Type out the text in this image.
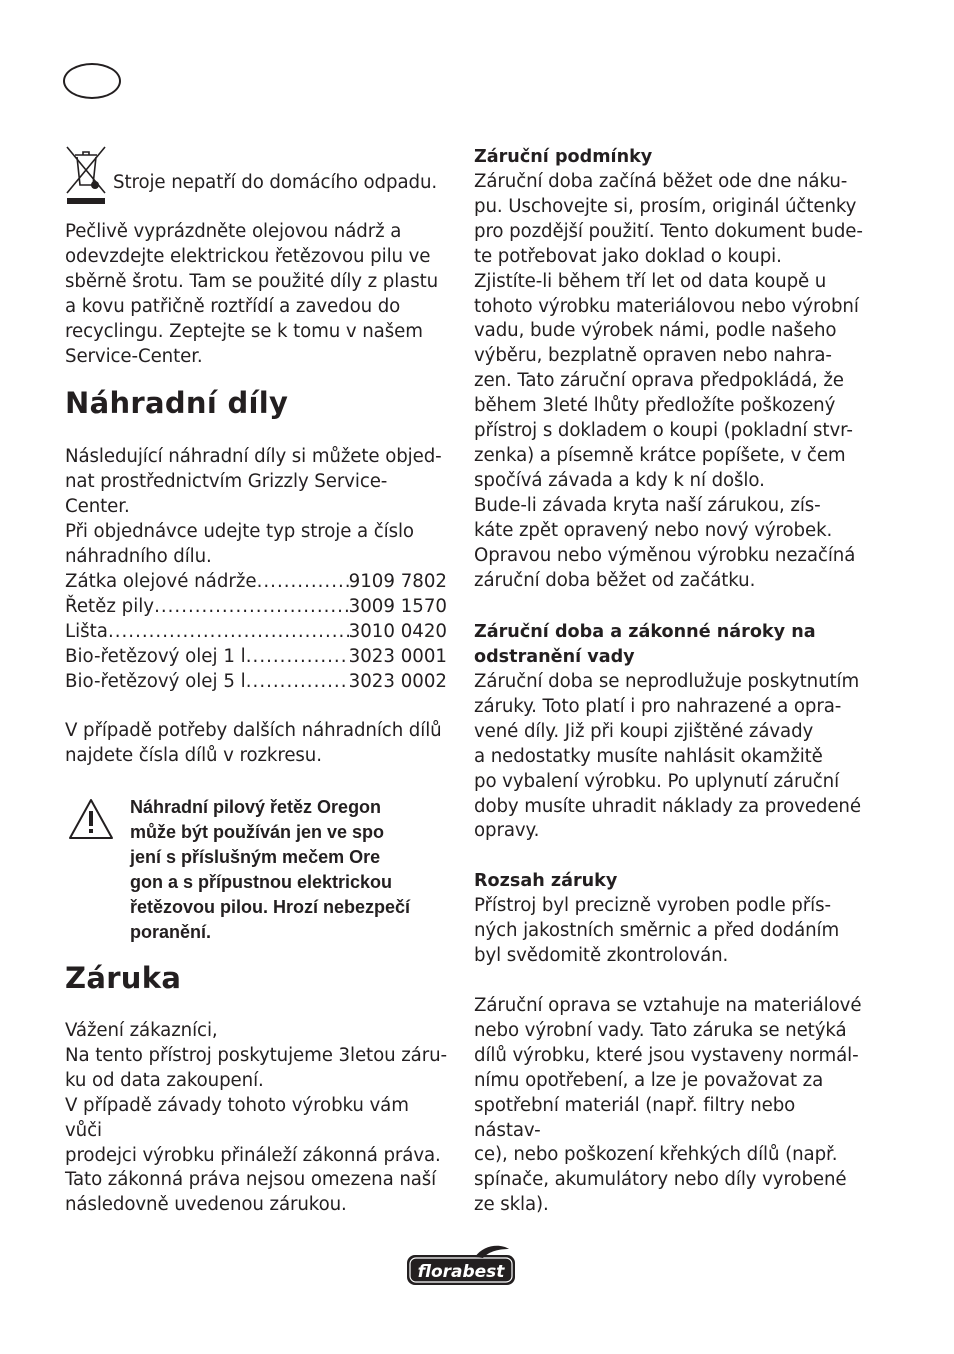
Stroje nepatří do domácího odpadu.

Pečlivě vyprázdněte olejovou nádrž a
odevzdejte elektrickou řetězovou pilu ve
sběrně šrotu. Tam se použité díly z plastu
a kovu patřičně roztřídí a zavedou do
recyclingu. Zeptejte se k tomu v našem
Service-Center.

Náhradní díly

Následující náhradní díly si můžete objed-
nat prostřednictvím Grizzly Service-Center.
Při objednávce udejte typ stroje a číslo
náhradního dílu.

Zátka olejové nádrže .....	9109 7802
Řetěz pily .....	3009 1570
Lišta .....	3010 0420
Bio-řetězový olej 1 l .....	3023 0001
Bio-řetězový olej 5 l .....	3023 0002

V případě potřeby dalších náhradních dílů
najdete čísla dílů v rozkresu.

Náhradní pilový řetěz Oregon
může být používán jen ve spo
jení s příslušným mečem Ore
gon a s přípustnou elektrickou
řetězovou pilou. Hrozí nebezpečí
poranění.

Záruka

Vážení zákazníci,
Na tento přístroj poskytujeme 3letou záru-
ku od data zakoupení.
V případě závady tohoto výrobku vám vůči
prodejci výrobku přináleží zákonná práva.
Tato zákonná práva nejsou omezena naší
následovně uvedenou zárukou.

Záruční podmínky

Záruční doba začíná běžet ode dne náku-
pu. Uschovejte si, prosím, originál účtenky
pro pozdější použití. Tento dokument bude-
te potřebovat jako doklad o koupi.
Zjistíte-li během tří let od data koupě u
tohoto výrobku materiálovou nebo výrobní
vadu, bude výrobek námi, podle našeho
výběru, bezplatně opraven nebo nahra-
zen. Tato záruční oprava předpokládá, že
během 3leté lhůty předložíte poškozený
přístroj s dokladem o koupi (pokladní stvr-
zenka) a písemně krátce popíšete, v čem
spočívá závada a kdy k ní došlo.
Bude-li závada kryta naší zárukou, zís-
káte zpět opravený nebo nový výrobek.
Opravou nebo výměnou výrobku nezačíná
záruční doba běžet od začátku.

Záruční doba a zákonné nároky na
odstranění vady

Záruční doba se neprodlužuje poskytnutím
záruky. Toto platí i pro nahrazené a opra-
vené díly. Již při koupi zjištěné závady
a nedostatky musíte nahlásit okamžitě
po vybalení výrobku. Po uplynutí záruční
doby musíte uhradit náklady za provedené
opravy.

Rozsah záruky

Přístroj byl precizně vyroben podle přís-
ných jakostních směrnic a před dodáním
byl svědomitě zkontrolován.

Záruční oprava se vztahuje na materiálové
nebo výrobní vady. Tato záruka se netýká
dílů výrobku, které jsou vystaveny normál-
nímu opotřebení, a lze je považovat za
spotřební materiál (např. filtry nebo nástav-
ce), nebo poškození křehkých dílů (např.
spínače, akumulátory nebo díly vyrobené
ze skla).

florabest
